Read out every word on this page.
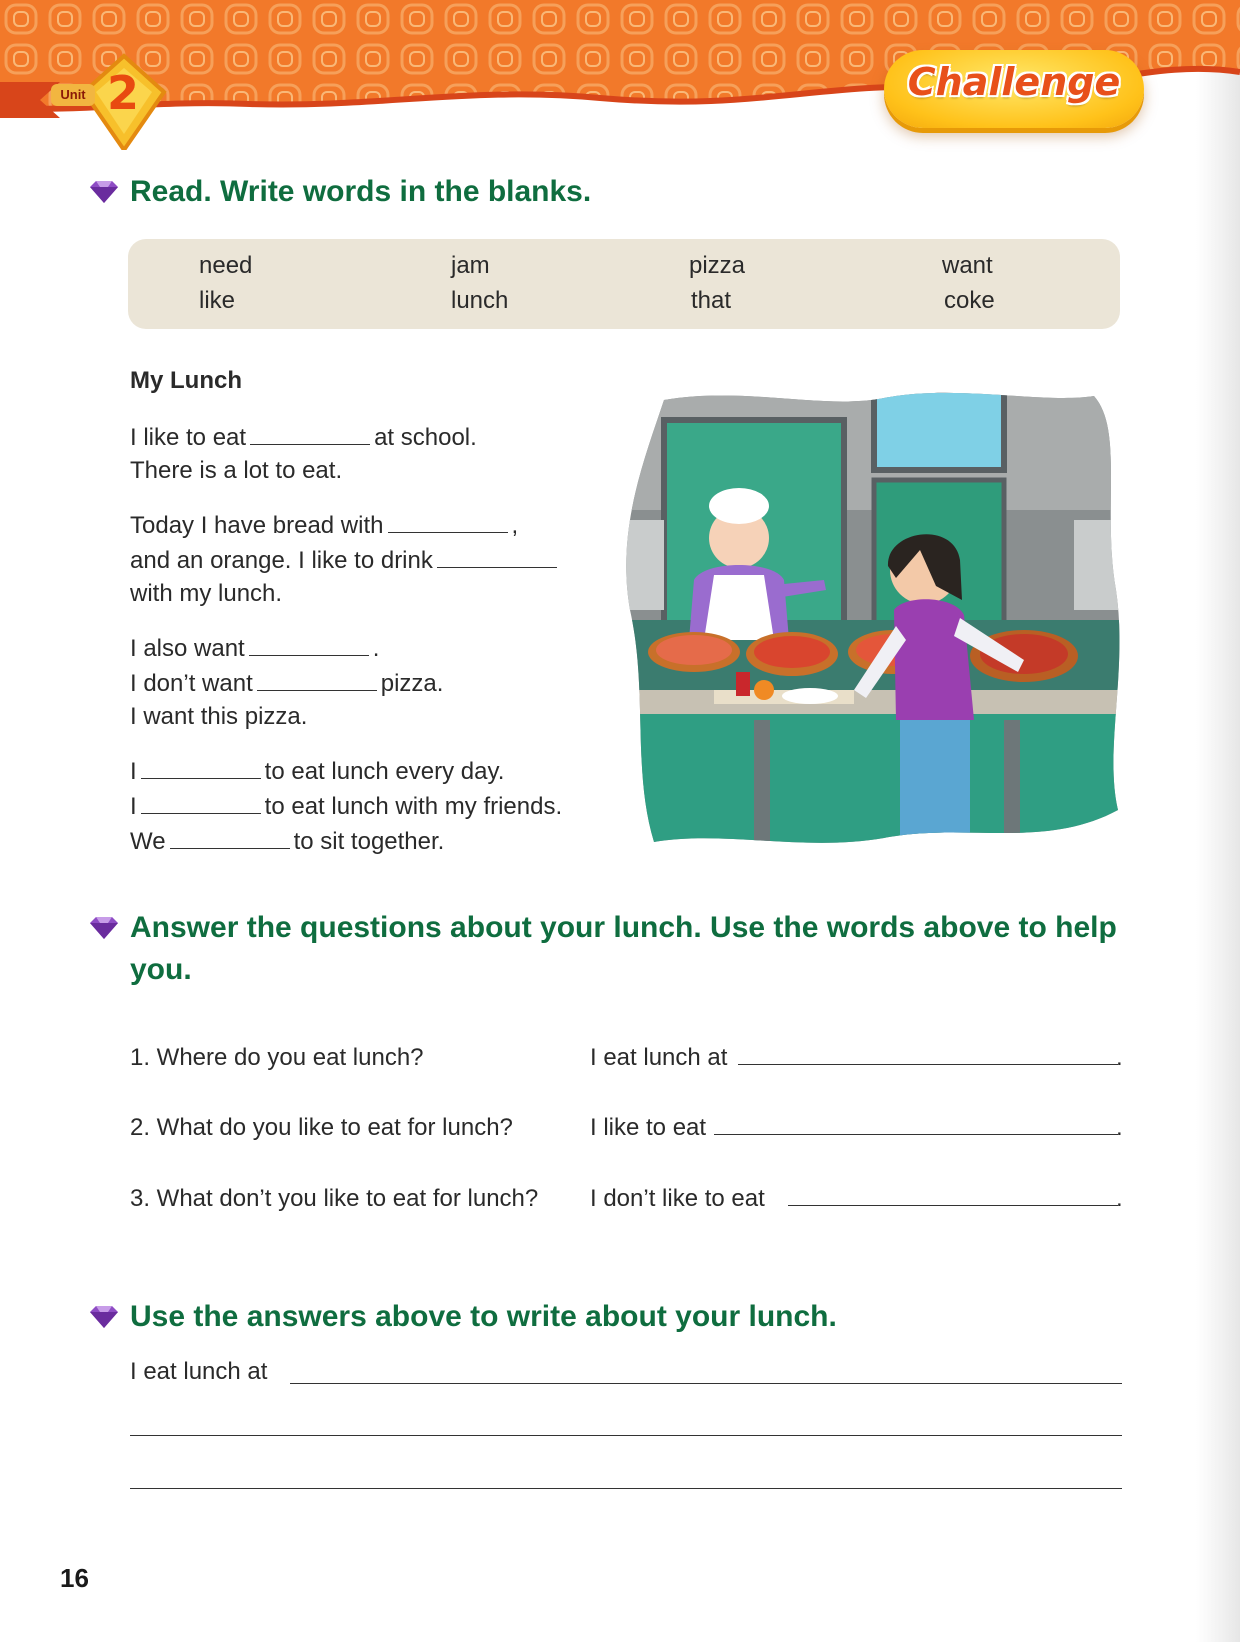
Unit 2	Challenge
Read. Write words in the blanks.
need	jam	pizza	want
like	lunch	that	coke
My Lunch
I like to eat	at school.
There is a lot to eat.
Today I have bread with	,
and an orange. I like to drink
with my lunch.
I also want	.
I don’t want	pizza.
I want this pizza.
I	to eat lunch every day.
I	to eat lunch with my friends.
We	to sit together.
Answer the questions about your lunch. Use the words above to help
you.
1. Where do you eat lunch?	I eat lunch at	.
2. What do you like to eat for lunch?	I like to eat	.
3. What don’t you like to eat for lunch? I don’t like to eat	.
Use the answers above to write about your lunch.
I eat lunch at
16
